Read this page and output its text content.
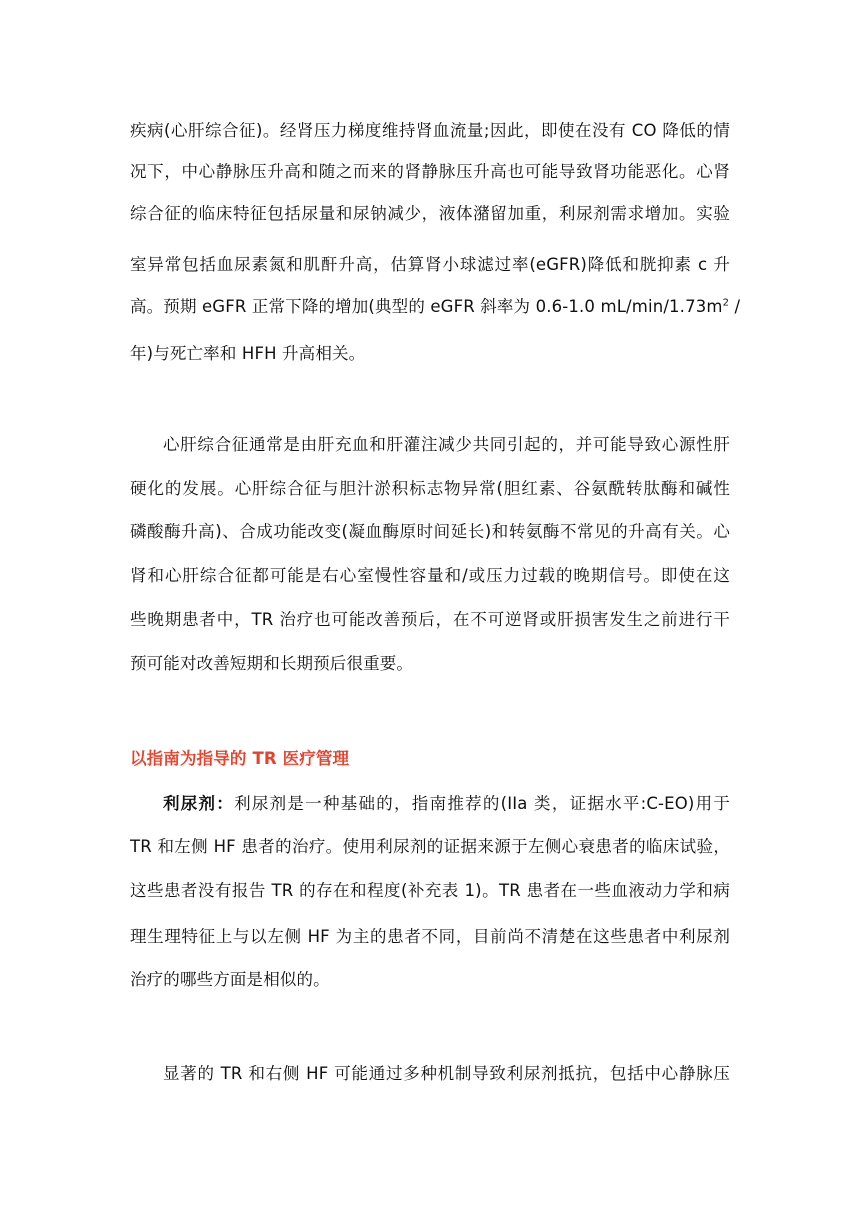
疾病(心肝综合征)。经肾压力梯度维持肾血流量;因此，即使在没有 CO 降低的情
况下，中心静脉压升高和随之而来的肾静脉压升高也可能导致肾功能恶化。心肾
综合征的临床特征包括尿量和尿钠减少，液体潴留加重，利尿剂需求增加。实验
室异常包括血尿素氮和肌酐升高，估算肾小球滤过率(eGFR)降低和胱抑素 c 升
高。预期 eGFR 正常下降的增加(典型的 eGFR 斜率为 0.6-1.0 $mL/\min/1.73m^2$ /
年)与死亡率和 HFH 升高相关。
心肝综合征通常是由肝充血和肝灌注减少共同引起的，并可能导致心源性肝
硬化的发展。心肝综合征与胆汁淤积标志物异常(胆红素、谷氨酰转肽酶和碱性
磷酸酶升高)、合成功能改变(凝血酶原时间延长)和转氨酶不常见的升高有关。心
肾和心肝综合征都可能是右心室慢性容量和/或压力过载的晚期信号。即使在这
些晚期患者中，TR 治疗也可能改善预后，在不可逆肾或肝损害发生之前进行干
预可能对改善短期和长期预后很重要。
以指南为指导的 TR 医疗管理
利尿剂：利尿剂是一种基础的，指南推荐的(IIa 类，证据水平:C-EO)用于
TR 和左侧 HF 患者的治疗。使用利尿剂的证据来源于左侧心衰患者的临床试验，
这些患者没有报告 TR 的存在和程度(补充表 1)。TR 患者在一些血液动力学和病
理生理特征上与以左侧 HF 为主的患者不同，目前尚不清楚在这些患者中利尿剂
治疗的哪些方面是相似的。
显著的 TR 和右侧 HF 可能通过多种机制导致利尿剂抵抗，包括中心静脉压
